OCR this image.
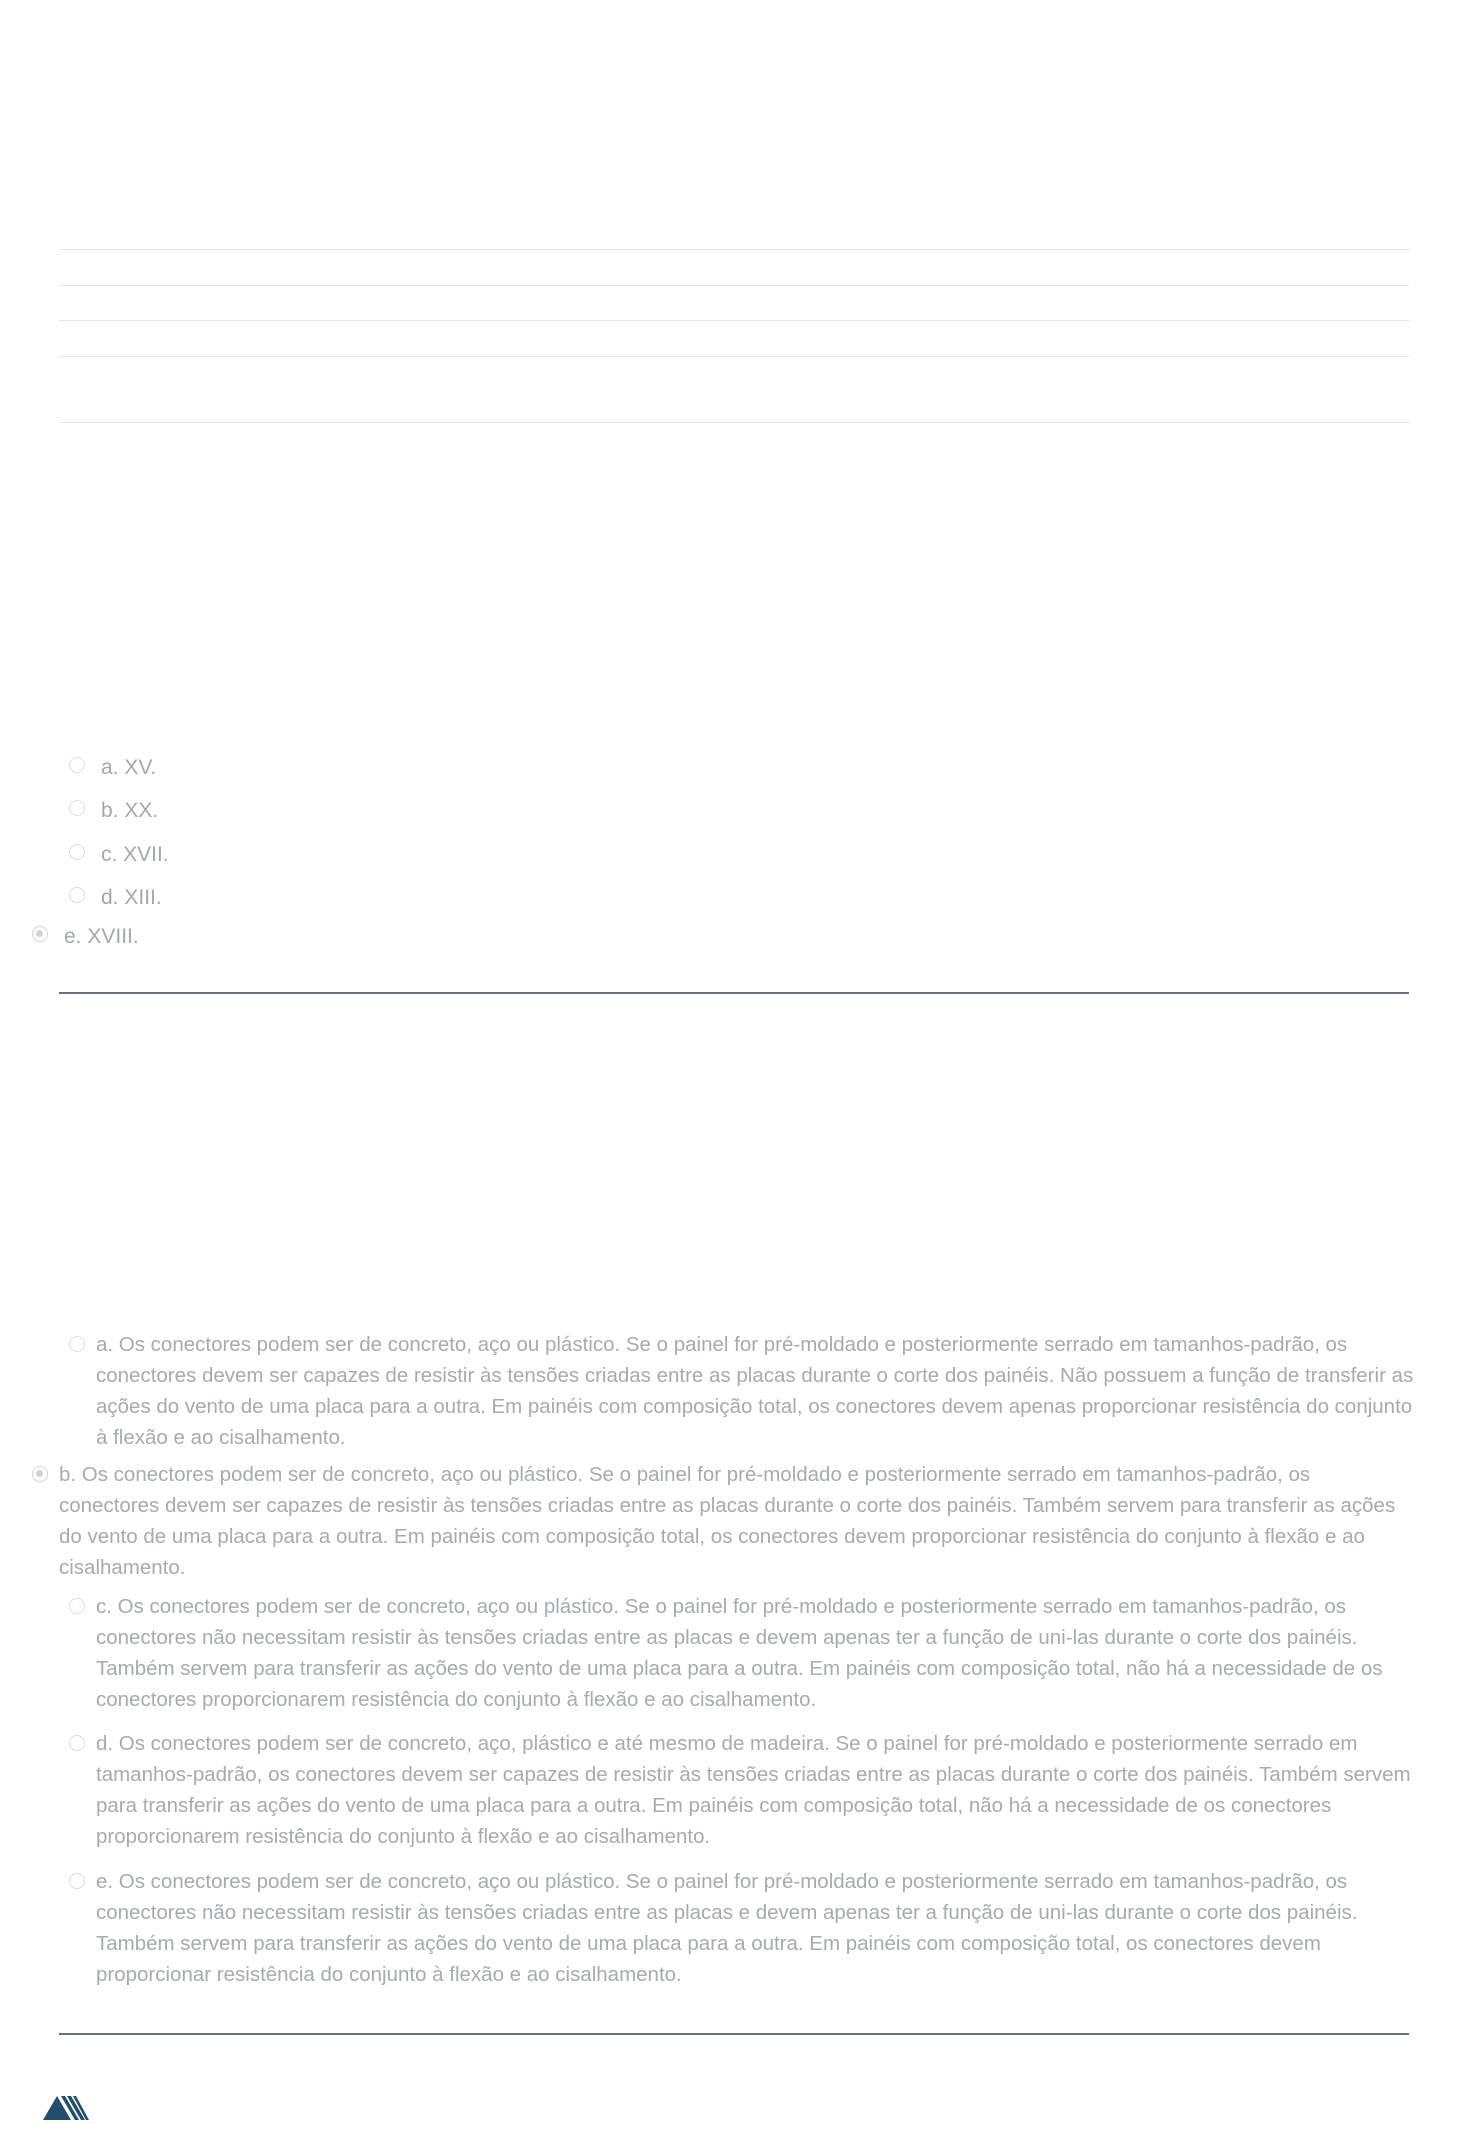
a. XV.
b. XX.
c. XVII.
d. XIII.
e. XVIII.

a. Os conectores podem ser de concreto, aço ou plástico. Se o painel for pré-moldado e posteriormente serrado em tamanhos-padrão, os conectores devem ser capazes de resistir às tensões criadas entre as placas durante o corte dos painéis. Não possuem a função de transferir as ações do vento de uma placa para a outra. Em painéis com composição total, os conectores devem apenas proporcionar resistência do conjunto à flexão e ao cisalhamento.

b. Os conectores podem ser de concreto, aço ou plástico. Se o painel for pré-moldado e posteriormente serrado em tamanhos-padrão, os conectores devem ser capazes de resistir às tensões criadas entre as placas durante o corte dos painéis. Também servem para transferir as ações do vento de uma placa para a outra. Em painéis com composição total, os conectores devem proporcionar resistência do conjunto à flexão e ao cisalhamento.

c. Os conectores podem ser de concreto, aço ou plástico. Se o painel for pré-moldado e posteriormente serrado em tamanhos-padrão, os conectores não necessitam resistir às tensões criadas entre as placas e devem apenas ter a função de uni-las durante o corte dos painéis. Também servem para transferir as ações do vento de uma placa para a outra. Em painéis com composição total, não há a necessidade de os conectores proporcionarem resistência do conjunto à flexão e ao cisalhamento.

d. Os conectores podem ser de concreto, aço, plástico e até mesmo de madeira. Se o painel for pré-moldado e posteriormente serrado em tamanhos-padrão, os conectores devem ser capazes de resistir às tensões criadas entre as placas durante o corte dos painéis. Também servem para transferir as ações do vento de uma placa para a outra. Em painéis com composição total, não há a necessidade de os conectores proporcionarem resistência do conjunto à flexão e ao cisalhamento.

e. Os conectores podem ser de concreto, aço ou plástico. Se o painel for pré-moldado e posteriormente serrado em tamanhos-padrão, os conectores não necessitam resistir às tensões criadas entre as placas e devem apenas ter a função de uni-las durante o corte dos painéis. Também servem para transferir as ações do vento de uma placa para a outra. Em painéis com composição total, os conectores devem proporcionar resistência do conjunto à flexão e ao cisalhamento.
